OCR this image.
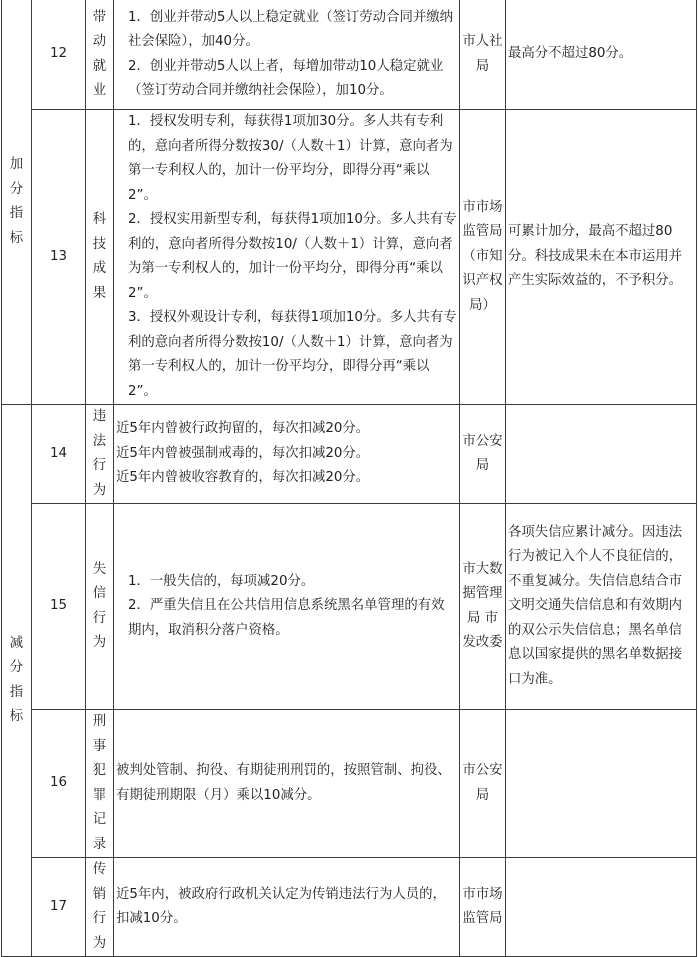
加分指标	12	带动就业	1．创业并带动5人以上稳定就业（签订劳动合同并缴纳社会保险），加40分。
2．创业并带动5人以上者，每增加带动10人稳定就业（签订劳动合同并缴纳社会保险），加10分。	市人社局	最高分不超过80分。
	13	科技成果	1．授权发明专利，每获得1项加30分。多人共有专利的，意向者所得分数按30/（人数＋1）计算，意向者为第一专利权人的，加计一份平均分，即得分再“乘以2”。
2．授权实用新型专利，每获得1项加10分。多人共有专利的，意向者所得分数按10/（人数＋1）计算，意向者为第一专利权人的，加计一份平均分，即得分再“乘以2”。
3．授权外观设计专利，每获得1项加10分。多人共有专利的意向者所得分数按10/（人数＋1）计算，意向者为第一专利权人的，加计一份平均分，即得分再“乘以2”。	市市场监管局（市知识产权局）	可累计加分，最高不超过80分。科技成果未在本市运用并产生实际效益的，不予积分。
减分指标	14	违法行为	近5年内曾被行政拘留的，每次扣减20分。
近5年内曾被强制戒毒的，每次扣减20分。
近5年内曾被收容教育的，每次扣减20分。	市公安局	
	15	失信行为	1．一般失信的，每项减20分。
2．严重失信且在公共信用信息系统黑名单管理的有效期内，取消积分落户资格。	市大数据管理局 市发改委	各项失信应累计减分。因违法行为被记入个人不良征信的，不重复减分。失信信息结合市文明交通失信信息和有效期内的双公示失信信息；黑名单信息以国家提供的黑名单数据接口为准。
	16	刑事犯罪记录	被判处管制、拘役、有期徒刑刑罚的，按照管制、拘役、有期徒刑期限（月）乘以10减分。	市公安局	
	17	传销行为	近5年内，被政府行政机关认定为传销违法行为人员的，扣减10分。	市市场监管局	
